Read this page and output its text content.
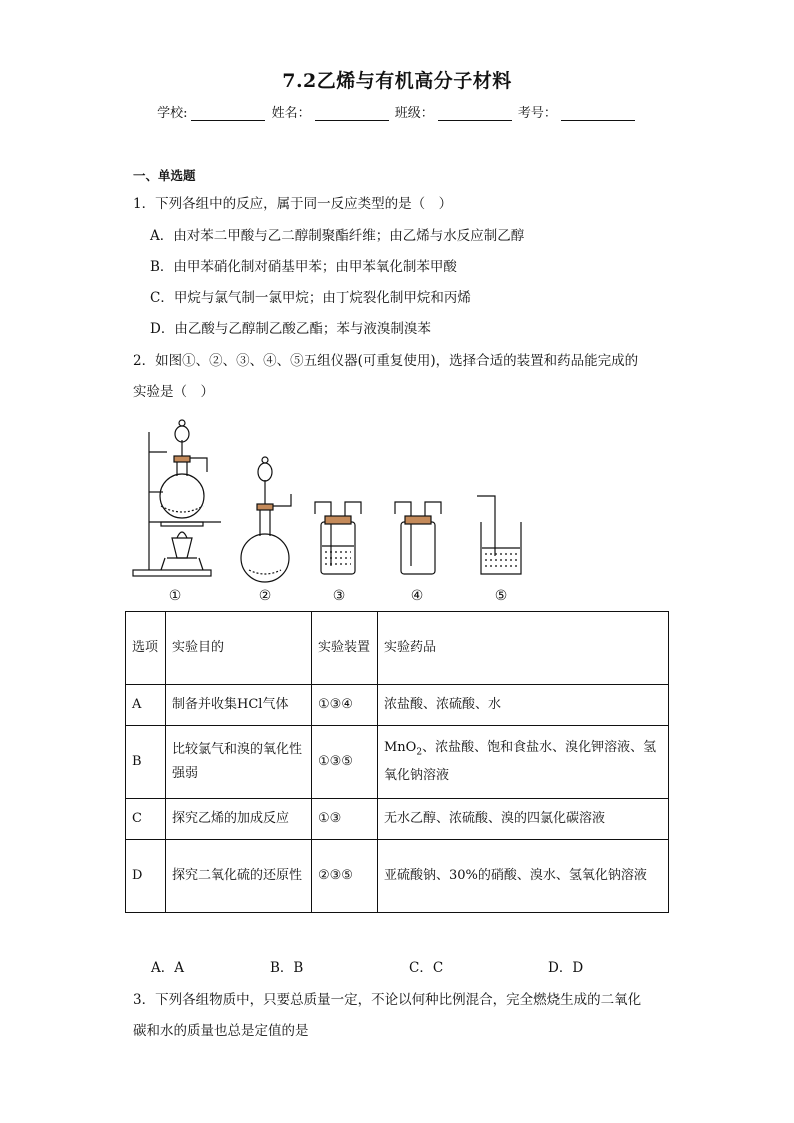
7.2乙烯与有机高分子材料
学校:	姓名：	班级：	考号：
一、单选题
1．下列各组中的反应，属于同一反应类型的是（　）
A．由对苯二甲酸与乙二醇制聚酯纤维；由乙烯与水反应制乙醇
B．由甲苯硝化制对硝基甲苯；由甲苯氧化制苯甲酸
C．甲烷与氯气制一氯甲烷；由丁烷裂化制甲烷和丙烯
D．由乙酸与乙醇制乙酸乙酯；苯与液溴制溴苯
2．如图①、②、③、④、⑤五组仪器(可重复使用)，选择合适的装置和药品能完成的
实验是（　）
①	②	③	④	⑤
选项	实验目的	实验装置	实验药品
A	制备并收集HCl气体	①③④	浓盐酸、浓硫酸、水
B	比较氯气和溴的氧化性强弱	①③⑤	MnO$_2$、浓盐酸、饱和食盐水、溴化钾溶液、氢氧化钠溶液
C	探究乙烯的加成反应	①③	无水乙醇、浓硫酸、溴的四氯化碳溶液
D	探究二氧化硫的还原性	②③⑤	亚硫酸钠、30%的硝酸、溴水、氢氧化钠溶液
A．A	B．B	C．C	D．D
3．下列各组物质中，只要总质量一定，不论以何种比例混合，完全燃烧生成的二氧化
碳和水的质量也总是定值的是
